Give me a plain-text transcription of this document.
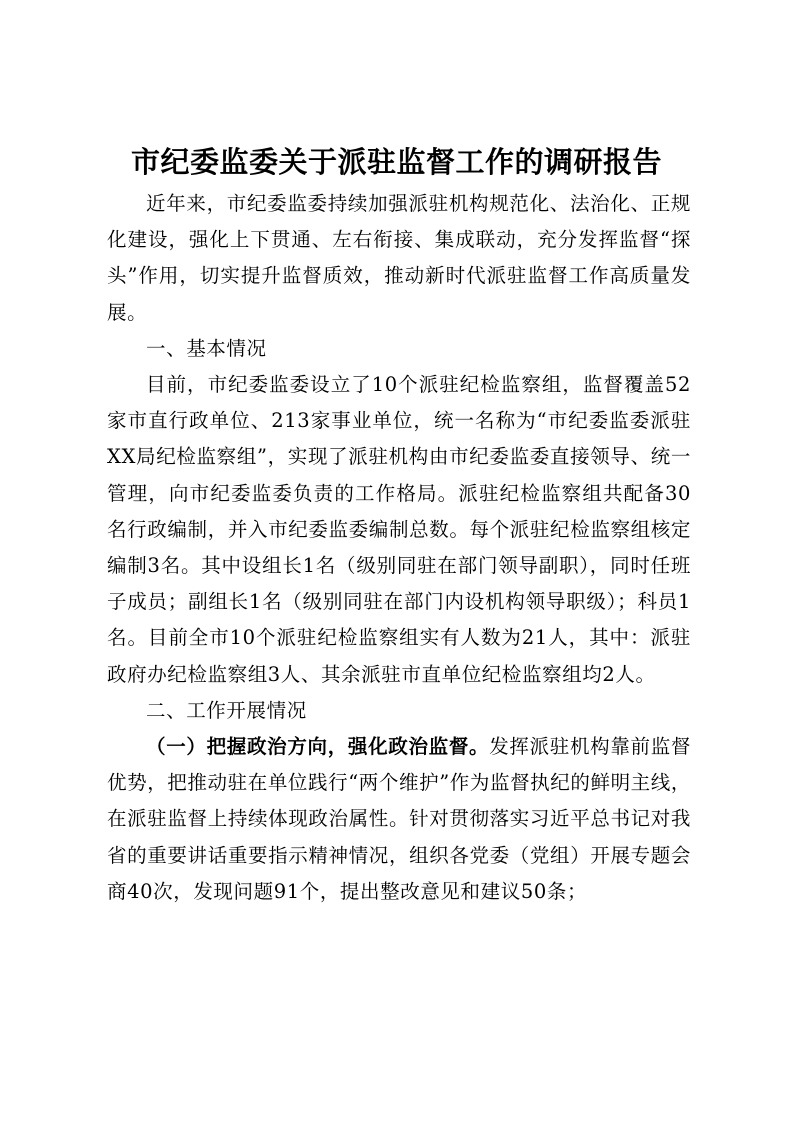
市纪委监委关于派驻监督工作的调研报告

近年来，市纪委监委持续加强派驻机构规范化、法治化、正规化建设，强化上下贯通、左右衔接、集成联动，充分发挥监督“探头”作用，切实提升监督质效，推动新时代派驻监督工作高质量发展。

一、基本情况

目前，市纪委监委设立了10个派驻纪检监察组，监督覆盖52家市直行政单位、213家事业单位，统一名称为“市纪委监委派驻XX局纪检监察组”，实现了派驻机构由市纪委监委直接领导、统一管理，向市纪委监委负责的工作格局。派驻纪检监察组共配备30名行政编制，并入市纪委监委编制总数。每个派驻纪检监察组核定编制3名。其中设组长1名（级别同驻在部门领导副职），同时任班子成员；副组长1名（级别同驻在部门内设机构领导职级）；科员1名。目前全市10个派驻纪检监察组实有人数为21人，其中：派驻政府办纪检监察组3人、其余派驻市直单位纪检监察组均2人。

二、工作开展情况

（一）把握政治方向，强化政治监督。发挥派驻机构靠前监督优势，把推动驻在单位践行“两个维护”作为监督执纪的鲜明主线，在派驻监督上持续体现政治属性。针对贯彻落实习近平总书记对我省的重要讲话重要指示精神情况，组织各党委（党组）开展专题会商40次，发现问题91个，提出整改意见和建议50条；
